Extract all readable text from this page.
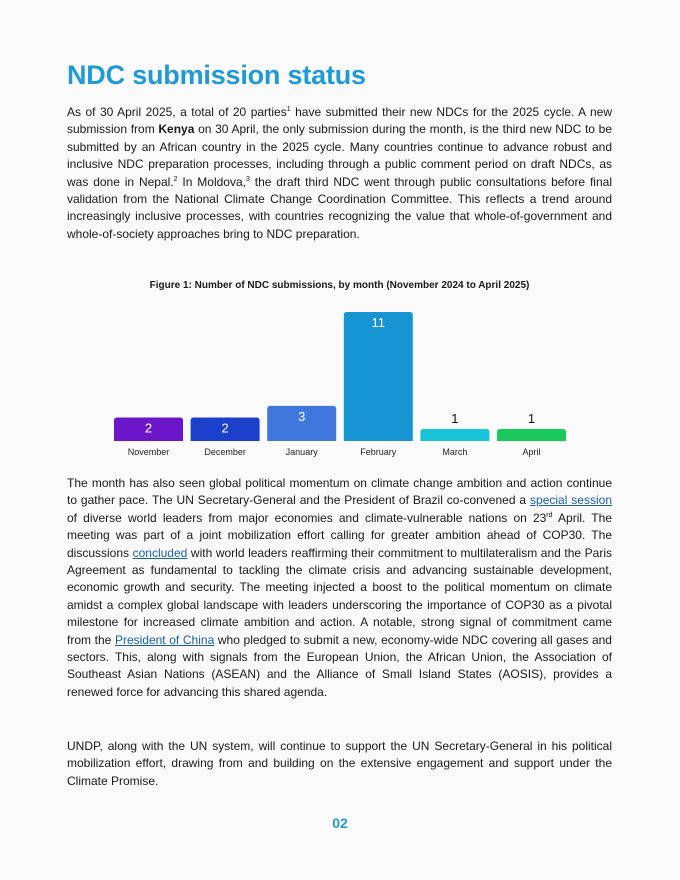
NDC submission status

As of 30 April 2025, a total of 20 parties$^1$ have submitted their new NDCs for the 2025 cycle. A new submission from Kenya on 30 April, the only submission during the month, is the third new NDC to be submitted by an African country in the 2025 cycle. Many countries continue to advance robust and inclusive NDC preparation processes, including through a public comment period on draft NDCs, as was done in Nepal.$^2$ In Moldova,$^3$ the draft third NDC went through public consultations before final validation from the National Climate Change Coordination Committee. This reflects a trend around increasingly inclusive processes, with countries recognizing the value that whole-of-government and whole-of-society approaches bring to NDC preparation.

Figure 1: Number of NDC submissions, by month (November 2024 to April 2025)
2
November
2
December
3
January
11
February
1
March
1
April

The month has also seen global political momentum on climate change ambition and action continue to gather pace. The UN Secretary-General and the President of Brazil co-convened a special session of diverse world leaders from major economies and climate-vulnerable nations on 23rd April. The meeting was part of a joint mobilization effort calling for greater ambition ahead of COP30. The discussions concluded with world leaders reaffirming their commitment to multilateralism and the Paris Agreement as fundamental to tackling the climate crisis and advancing sustainable development, economic growth and security. The meeting injected a boost to the political momentum on climate amidst a complex global landscape with leaders underscoring the importance of COP30 as a pivotal milestone for increased climate ambition and action. A notable, strong signal of commitment came from the President of China who pledged to submit a new, economy-wide NDC covering all gases and sectors. This, along with signals from the European Union, the African Union, the Association of Southeast Asian Nations (ASEAN) and the Alliance of Small Island States (AOSIS), provides a renewed force for advancing this shared agenda.

UNDP, along with the UN system, will continue to support the UN Secretary-General in his political mobilization effort, drawing from and building on the extensive engagement and support under the Climate Promise.

02
